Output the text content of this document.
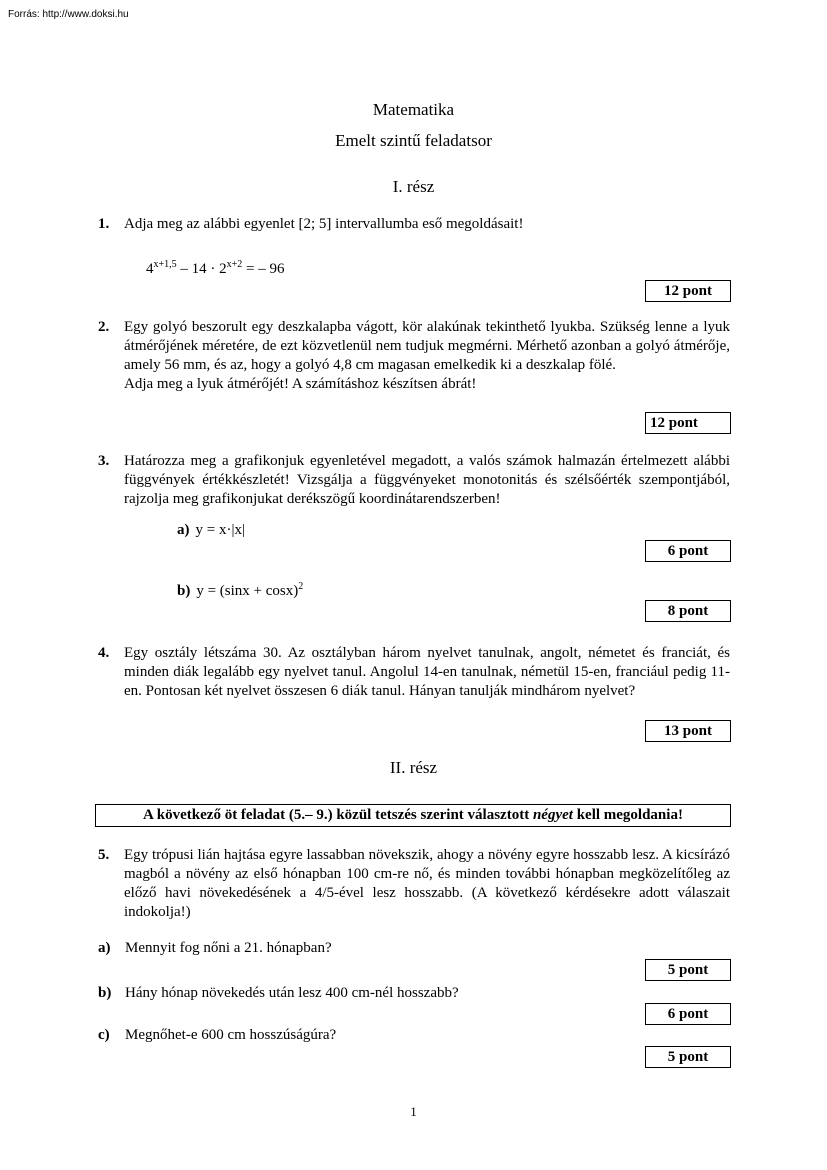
Forrás: http://www.doksi.hu
Matematika
Emelt szintű feladatsor
I. rész
1. Adja meg az alábbi egyenlet [2; 5] intervallumba eső megoldásait!

$4^{x+1,5} - 14 \cdot 2^{x+2}$ = – 96
12 pont
2. Egy golyó beszorult egy deszkalapba vágott, kör alakúnak tekinthető lyukba. Szükség lenne a lyuk átmérőjének méretére, de ezt közvetlenül nem tudjuk megmérni. Mérhető azonban a golyó átmérője, amely 56 mm, és az, hogy a golyó 4,8 cm magasan emelkedik ki a deszkalap fölé.

Adja meg a lyuk átmérőjét! A számításhoz készítsen ábrát!

12 pont
3. Határozza meg a grafikonjuk egyenletével megadott, a valós számok halmazán értelmezett alábbi függvények értékkészletét! Vizsgálja a függvényeket monotonitás és szélsőérték szempontjából, rajzolja meg grafikonjukat derékszögű koordinátarendszerben!

a) y = x·|x|
6 pont
b) $y = (\sin x + \cos x)^2$
8 pont
4. Egy osztály létszáma 30. Az osztályban három nyelvet tanulnak, angolt, németet és franciát, és minden diák legalább egy nyelvet tanul. Angolul 14-en tanulnak, németül 15-en, franciául pedig 11-en. Pontosan két nyelvet összesen 6 diák tanul. Hányan tanulják mindhárom nyelvet?

13 pont
II. rész
A következő öt feladat (5.– 9.) közül tetszés szerint választott négyet kell megoldania!
5. Egy trópusi lián hajtása egyre lassabban növekszik, ahogy a növény egyre hosszabb lesz. A kicsírázó magból a növény az első hónapban 100 cm-re nő, és minden további hónapban megközelítőleg az előző havi növekedésének a 4/5-ével lesz hosszabb. (A következő kérdésekre adott válaszait indokolja!)

a) Mennyit fog nőni a 21. hónapban?
5 pont
b) Hány hónap növekedés után lesz 400 cm-nél hosszabb?
6 pont
c) Megnőhet-e 600 cm hosszúságúra?
5 pont
1
